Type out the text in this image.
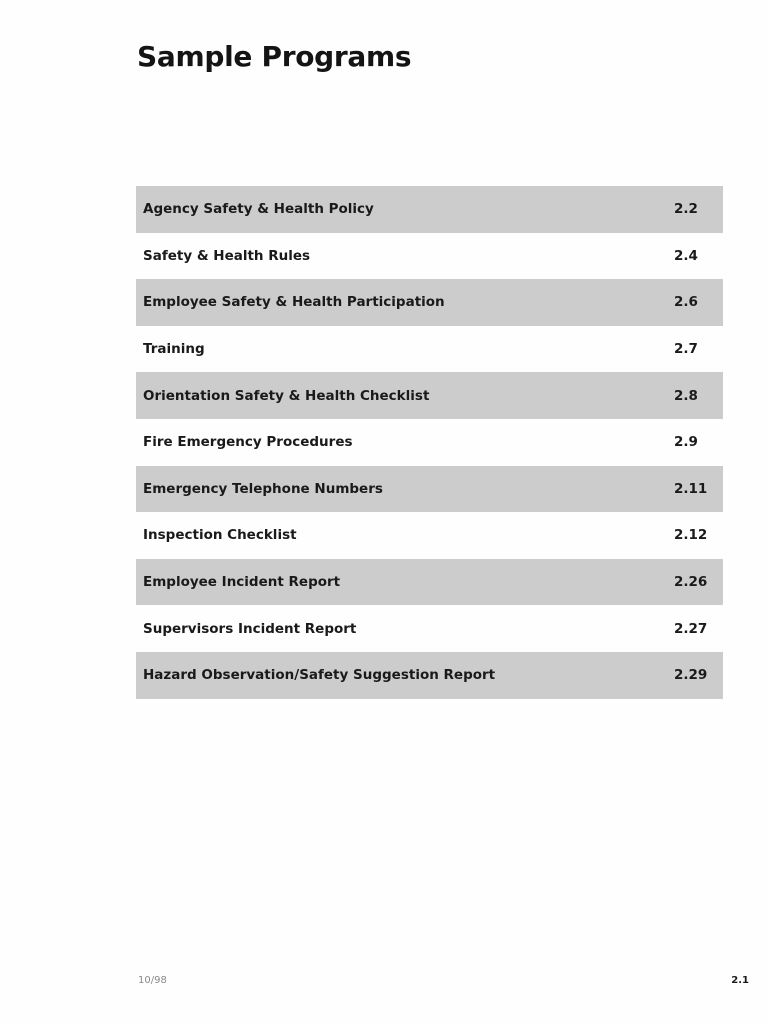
Sample Programs
Agency Safety & Health Policy	2.2
Safety & Health Rules	2.4
Employee Safety & Health Participation	2.6
Training	2.7
Orientation Safety & Health Checklist	2.8
Fire Emergency Procedures	2.9
Emergency Telephone Numbers	2.11
Inspection Checklist	2.12
Employee Incident Report	2.26
Supervisors Incident Report	2.27
Hazard Observation/Safety Suggestion Report	2.29
10/98	2.1
